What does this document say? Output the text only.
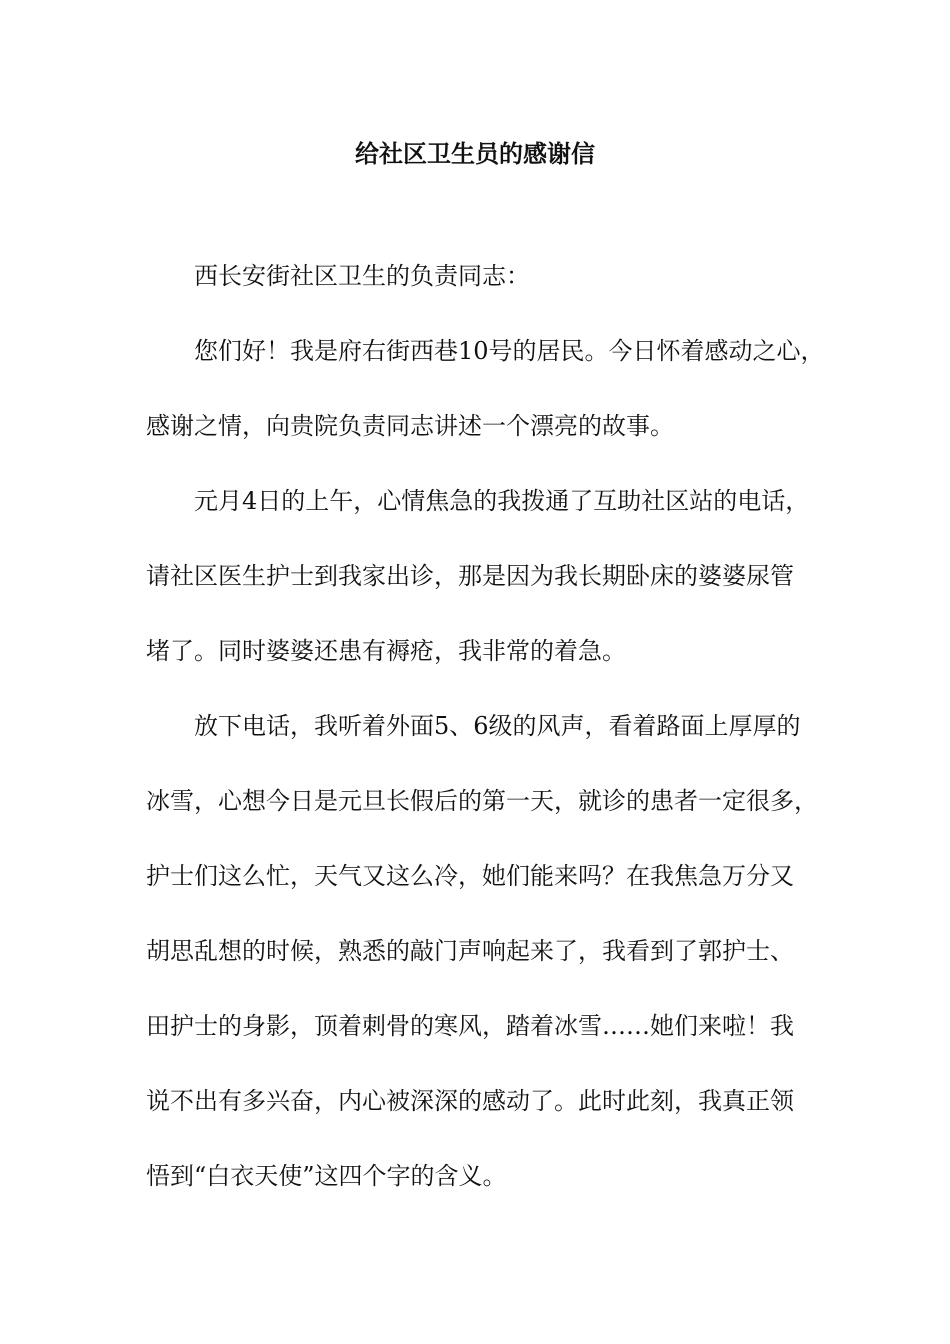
给社区卫生员的感谢信
西长安街社区卫生的负责同志：
您们好！我是府右街西巷10号的居民。今日怀着感动之心，
感谢之情，向贵院负责同志讲述一个漂亮的故事。
元月4日的上午，心情焦急的我拨通了互助社区站的电话，
请社区医生护士到我家出诊，那是因为我长期卧床的婆婆尿管
堵了。同时婆婆还患有褥疮，我非常的着急。
放下电话，我听着外面5、6级的风声，看着路面上厚厚的
冰雪，心想今日是元旦长假后的第一天，就诊的患者一定很多，
护士们这么忙，天气又这么冷，她们能来吗？在我焦急万分又
胡思乱想的时候，熟悉的敲门声响起来了，我看到了郭护士、
田护士的身影，顶着刺骨的寒风，踏着冰雪……她们来啦！我
说不出有多兴奋，内心被深深的感动了。此时此刻，我真正领
悟到“白衣天使”这四个字的含义。
